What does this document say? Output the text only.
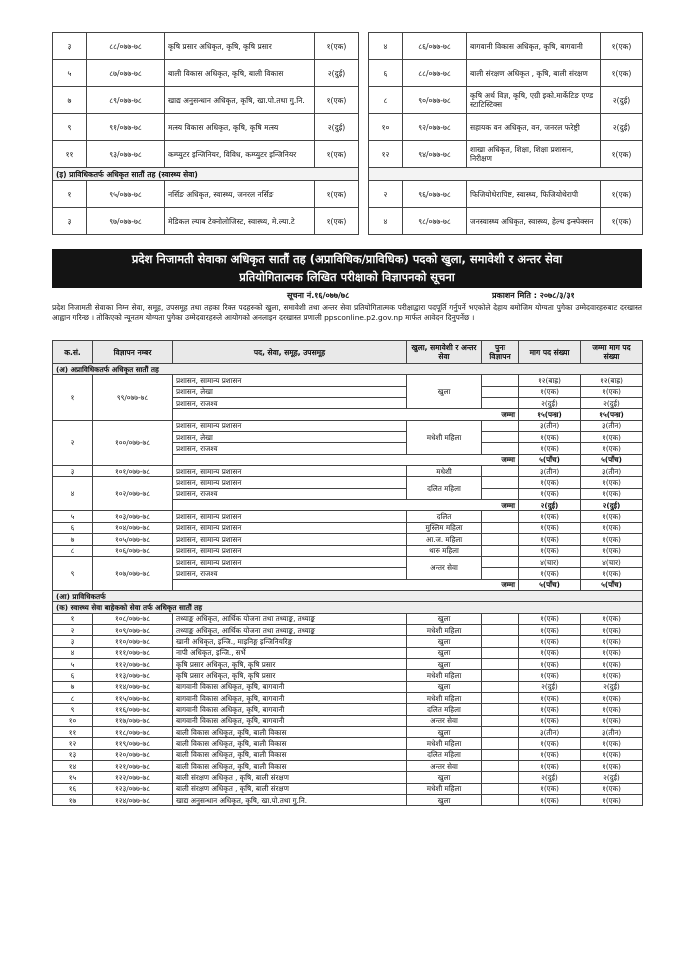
३	८८/०७७-७८	कृषि प्रसार अधिकृत, कृषि, कृषि प्रसार	१(एक)
५	८७/०७७-७८	बाली विकास अधिकृत, कृषि, बाली विकास	२(दुई)
७	८९/०७७-७८	खाद्य अनुसन्धान अधिकृत, कृषि, खा.पो.तथा गु.नि.	१(एक)
९	९१/०७७-७८	मत्स्य विकास अधिकृत, कृषि, कृषि मत्स्य	२(दुई)
११	९३/०७७-७८	कम्प्युटर इन्जिनियर, विविध, कम्प्युटर इन्जिनियर	१(एक)
(इ) प्राविधिकतर्फ अधिकृत सातौं तह (स्वास्थ्य सेवा)			
१	९५/०७७-७८	नर्सिङ अधिकृत, स्वास्थ्य, जनरल नर्सिङ	१(एक)
३	९७/०७७-७८	मेडिकल ल्याब टेक्नोलोजिस्ट, स्वास्थ्य, मे.ल्या.टे	१(एक)
४	८६/०७७-७८	बागवानी विकास अधिकृत, कृषि, बागवानी	१(एक)
६	८८/०७७-७८	बाली संरक्षण अधिकृत , कृषि, बाली संरक्षण	१(एक)
८	९०/०७७-७८	कृषि अर्थ विज्ञ, कृषि, एग्री इको.मार्केटिङ एण्ड स्टाटिस्टिक्स	२(दुई)
१०	९२/०७७-७८	सहायक वन अधिकृत, वन, जनरल फरेष्ट्री	२(दुई)
१२	९४/०७७-७८	शाखा अधिकृत, शिक्षा, शिक्षा प्रशासन, निरीक्षण	१(एक)

२	९६/०७७-७८	फिजियोथेरापिष्ट, स्वास्थ्य, फिजियोथेरापी	१(एक)
४	९८/०७७-७८	जनस्वास्थ्य अधिकृत, स्वास्थ्य, हेल्थ इन्स्पेक्सन	१(एक)
प्रदेश निजामती सेवाका अधिकृत सातौं तह (अप्राविधिक/प्राविधिक) पदको खुला, समावेशी र अन्तर सेवा
प्रतियोगितात्मक लिखित परीक्षाको विज्ञापनको सूचना
सूचना नं.१६/०७७/७८	प्रकाशन मिति : २०७८/३/३१
प्रदेश निजामती सेवाका निम्न सेवा, समूह, उपसमूह तथा तहका रिक्त पदहरुको खुला, समावेशी तथा अन्तर सेवा प्रतियोगितात्मक परीक्षाद्वारा पदपूर्ति गर्नुपर्ने भएकोले देहाय बमोजिम योग्यता पुगेका उम्मेदवारहरुबाट दरखास्त आह्वान गरिन्छ । तोकिएको न्यूनतम योग्यता पुगेका उम्मेदवारहरुले आयोगको अनलाइन दरखास्त प्रणाली ppsconline.p2.gov.np मार्फत आवेदन दिनुपर्नेछ ।
क.सं.	विज्ञापन नम्बर	पद, सेवा, समूह, उपसमूह	खुला, समावेशी र अन्तर सेवा	पुनः विज्ञापन	माग पद संख्या	जम्मा माग पद संख्या
(अ) अप्राविधिकतर्फ अधिकृत सातौं तह						
१	९९/०७७-७८	प्रशासन, सामान्य प्रशासन	खुला		१२(बाह्र)	१२(बाह्र)
		प्रशासन, लेखा			१(एक)	१(एक)
		प्रशासन, राजश्व			२(दुई)	२(दुई)
		जम्मा			१५(पन्ध्र)	१५(पन्ध्र)
२	१००/०७७-७८	प्रशासन, सामान्य प्रशासन	मधेशी महिला		३(तीन)	३(तीन)
		प्रशासन, लेखा			१(एक)	१(एक)
		प्रशासन, राजश्व			१(एक)	१(एक)
		जम्मा			५(पाँच)	५(पाँच)
३	१०१/०७७-७८	प्रशासन, सामान्य प्रशासन	मधेशी		३(तीन)	३(तीन)
४	१०२/०७७-७८	प्रशासन, सामान्य प्रशासन	दलित महिला		१(एक)	१(एक)
		प्रशासन, राजश्व			१(एक)	१(एक)
		जम्मा			२(दुई)	२(दुई)
५	१०३/०७७-७८	प्रशासन, सामान्य प्रशासन	दलित		१(एक)	१(एक)
६	१०४/०७७-७८	प्रशासन, सामान्य प्रशासन	मुस्लिम महिला		१(एक)	१(एक)
७	१०५/०७७-७८	प्रशासन, सामान्य प्रशासन	आ.ज. महिला		१(एक)	१(एक)
८	१०६/०७७-७८	प्रशासन, सामान्य प्रशासन	थारु महिला		१(एक)	१(एक)
९	१०७/०७७-७८	प्रशासन, सामान्य प्रशासन	अन्तर सेवा		४(चार)	४(चार)
		प्रशासन, राजश्व			१(एक)	१(एक)
		जम्मा			५(पाँच)	५(पाँच)
(आ) प्राविधिकतर्फ						
(क) स्वास्थ्य सेवा बाहेकको सेवा तर्फ अधिकृत सातौं तह						
१	१०८/०७७-७८	तथ्याङ्क अधिकृत, आर्थिक योजना तथा तथ्याङ्क, तथ्याङ्क	खुला		१(एक)	१(एक)
२	१०९/०७७-७८	तथ्याङ्क अधिकृत, आर्थिक योजना तथा तथ्याङ्क, तथ्याङ्क	मधेशी महिला		१(एक)	१(एक)
३	११०/०७७-७८	खानी अधिकृत, इन्जि., माइनिङ्ग इन्जिनियरिङ्ग	खुला		१(एक)	१(एक)
४	१११/०७७-७८	नापी अधिकृत, इन्जि., सर्भे	खुला		१(एक)	१(एक)
५	११२/०७७-७८	कृषि प्रसार अधिकृत, कृषि, कृषि प्रसार	खुला		१(एक)	१(एक)
६	११३/०७७-७८	कृषि प्रसार अधिकृत, कृषि, कृषि प्रसार	मधेशी महिला		१(एक)	१(एक)
७	११४/०७७-७८	बागवानी विकास अधिकृत, कृषि, बागवानी	खुला		२(दुई)	२(दुई)
८	११५/०७७-७८	बागवानी विकास अधिकृत, कृषि, बागवानी	मधेशी महिला		१(एक)	१(एक)
९	११६/०७७-७८	बागवानी विकास अधिकृत, कृषि, बागवानी	दलित महिला		१(एक)	१(एक)
१०	११७/०७७-७८	बागवानी विकास अधिकृत, कृषि, बागवानी	अन्तर सेवा		१(एक)	१(एक)
११	११८/०७७-७८	बाली विकास अधिकृत, कृषि, बाली विकास	खुला		३(तीन)	३(तीन)
१२	११९/०७७-७८	बाली विकास अधिकृत, कृषि, बाली विकास	मधेशी महिला		१(एक)	१(एक)
१३	१२०/०७७-७८	बाली विकास अधिकृत, कृषि, बाली विकास	दलित महिला		१(एक)	१(एक)
१४	१२१/०७७-७८	बाली विकास अधिकृत, कृषि, बाली विकास	अन्तर सेवा		१(एक)	१(एक)
१५	१२२/०७७-७८	बाली संरक्षण अधिकृत , कृषि, बाली संरक्षण	खुला		२(दुई)	२(दुई)
१६	१२३/०७७-७८	बाली संरक्षण अधिकृत , कृषि, बाली संरक्षण	मधेशी महिला		१(एक)	१(एक)
१७	१२४/०७७-७८	खाद्य अनुसन्धान अधिकृत, कृषि, खा.पो.तथा गु.नि.	खुला		१(एक)	१(एक)
